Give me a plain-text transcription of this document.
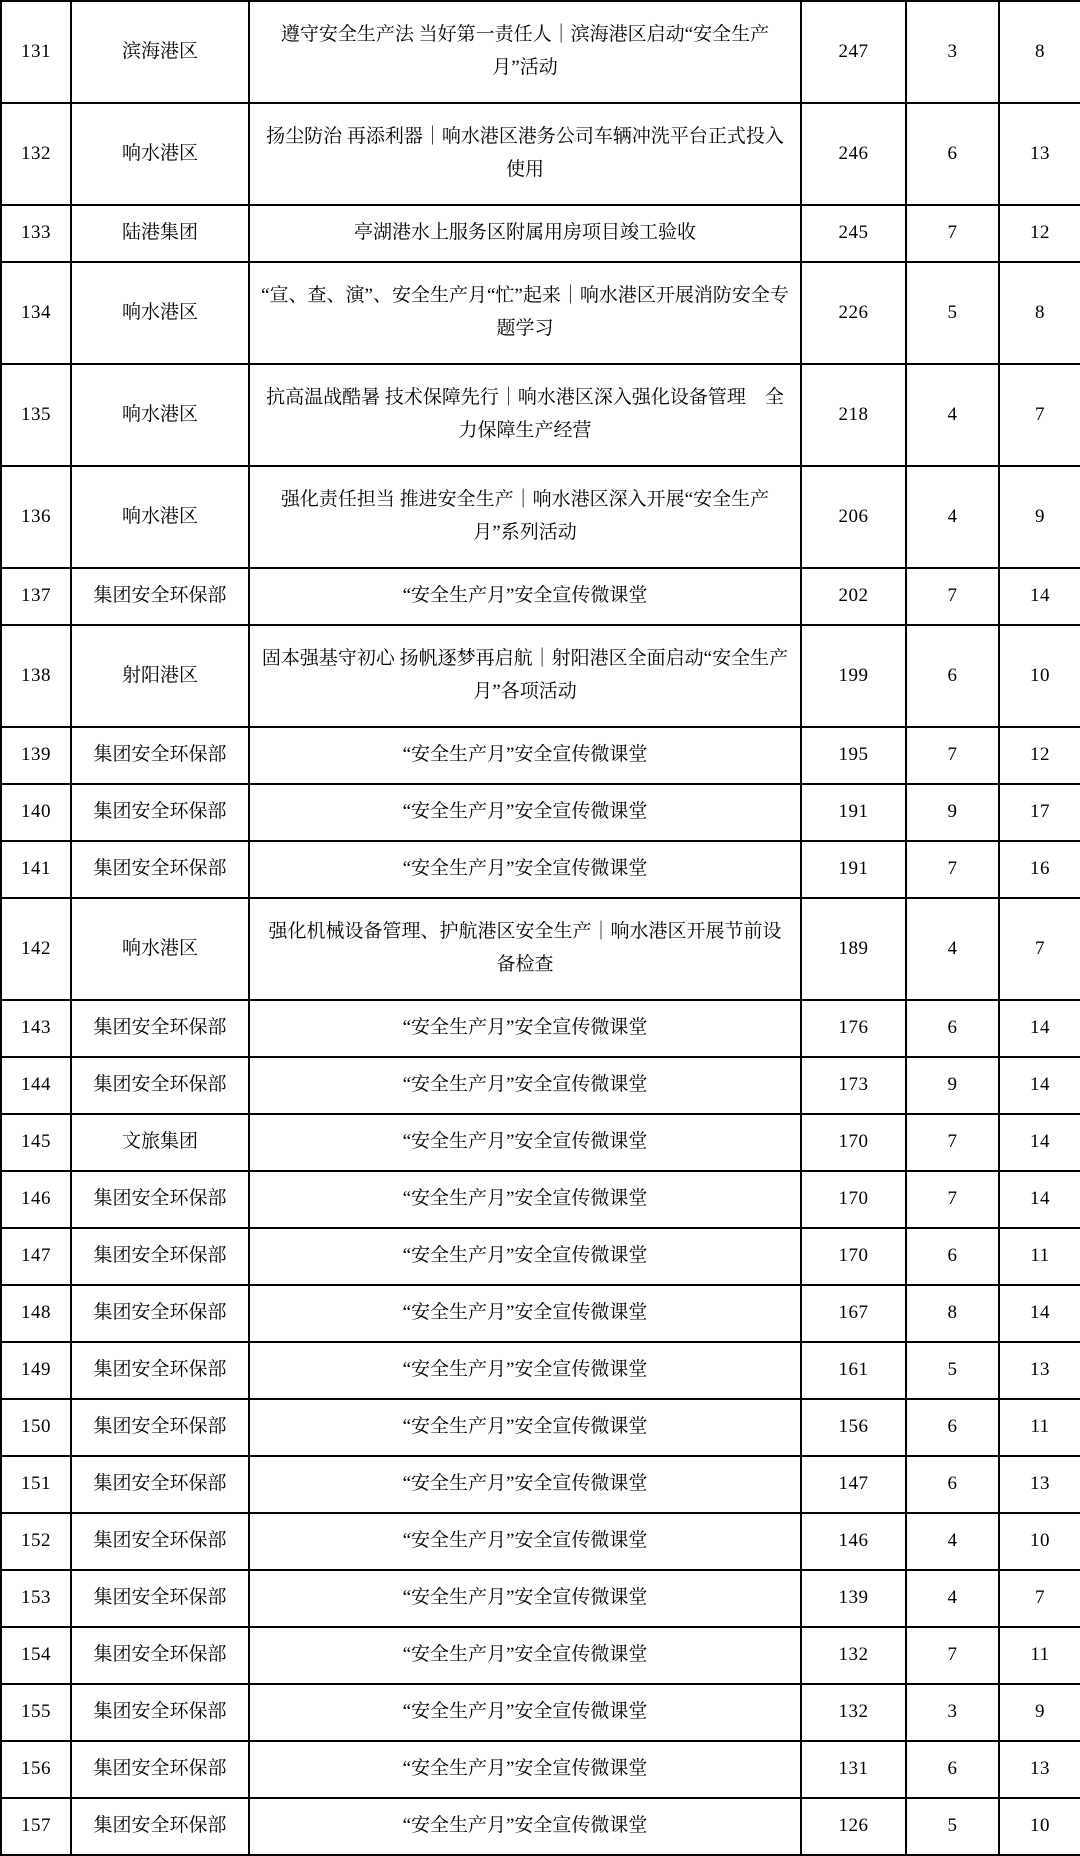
131	滨海港区	遵守安全生产法 当好第一责任人｜滨海港区启动“安全生产月”活动	247	3	8
132	响水港区	扬尘防治 再添利器｜响水港区港务公司车辆冲洗平台正式投入使用	246	6	13
133	陆港集团	亭湖港水上服务区附属用房项目竣工验收	245	7	12
134	响水港区	“宣、查、演”、安全生产月“忙”起来｜响水港区开展消防安全专题学习	226	5	8
135	响水港区	抗高温战酷暑 技术保障先行｜响水港区深入强化设备管理　全力保障生产经营	218	4	7
136	响水港区	强化责任担当 推进安全生产｜响水港区深入开展“安全生产月”系列活动	206	4	9
137	集团安全环保部	“安全生产月”安全宣传微课堂	202	7	14
138	射阳港区	固本强基守初心 扬帆逐梦再启航｜射阳港区全面启动“安全生产月”各项活动	199	6	10
139	集团安全环保部	“安全生产月”安全宣传微课堂	195	7	12
140	集团安全环保部	“安全生产月”安全宣传微课堂	191	9	17
141	集团安全环保部	“安全生产月”安全宣传微课堂	191	7	16
142	响水港区	强化机械设备管理、护航港区安全生产｜响水港区开展节前设备检查	189	4	7
143	集团安全环保部	“安全生产月”安全宣传微课堂	176	6	14
144	集团安全环保部	“安全生产月”安全宣传微课堂	173	9	14
145	文旅集团	“安全生产月”安全宣传微课堂	170	7	14
146	集团安全环保部	“安全生产月”安全宣传微课堂	170	7	14
147	集团安全环保部	“安全生产月”安全宣传微课堂	170	6	11
148	集团安全环保部	“安全生产月”安全宣传微课堂	167	8	14
149	集团安全环保部	“安全生产月”安全宣传微课堂	161	5	13
150	集团安全环保部	“安全生产月”安全宣传微课堂	156	6	11
151	集团安全环保部	“安全生产月”安全宣传微课堂	147	6	13
152	集团安全环保部	“安全生产月”安全宣传微课堂	146	4	10
153	集团安全环保部	“安全生产月”安全宣传微课堂	139	4	7
154	集团安全环保部	“安全生产月”安全宣传微课堂	132	7	11
155	集团安全环保部	“安全生产月”安全宣传微课堂	132	3	9
156	集团安全环保部	“安全生产月”安全宣传微课堂	131	6	13
157	集团安全环保部	“安全生产月”安全宣传微课堂	126	5	10
